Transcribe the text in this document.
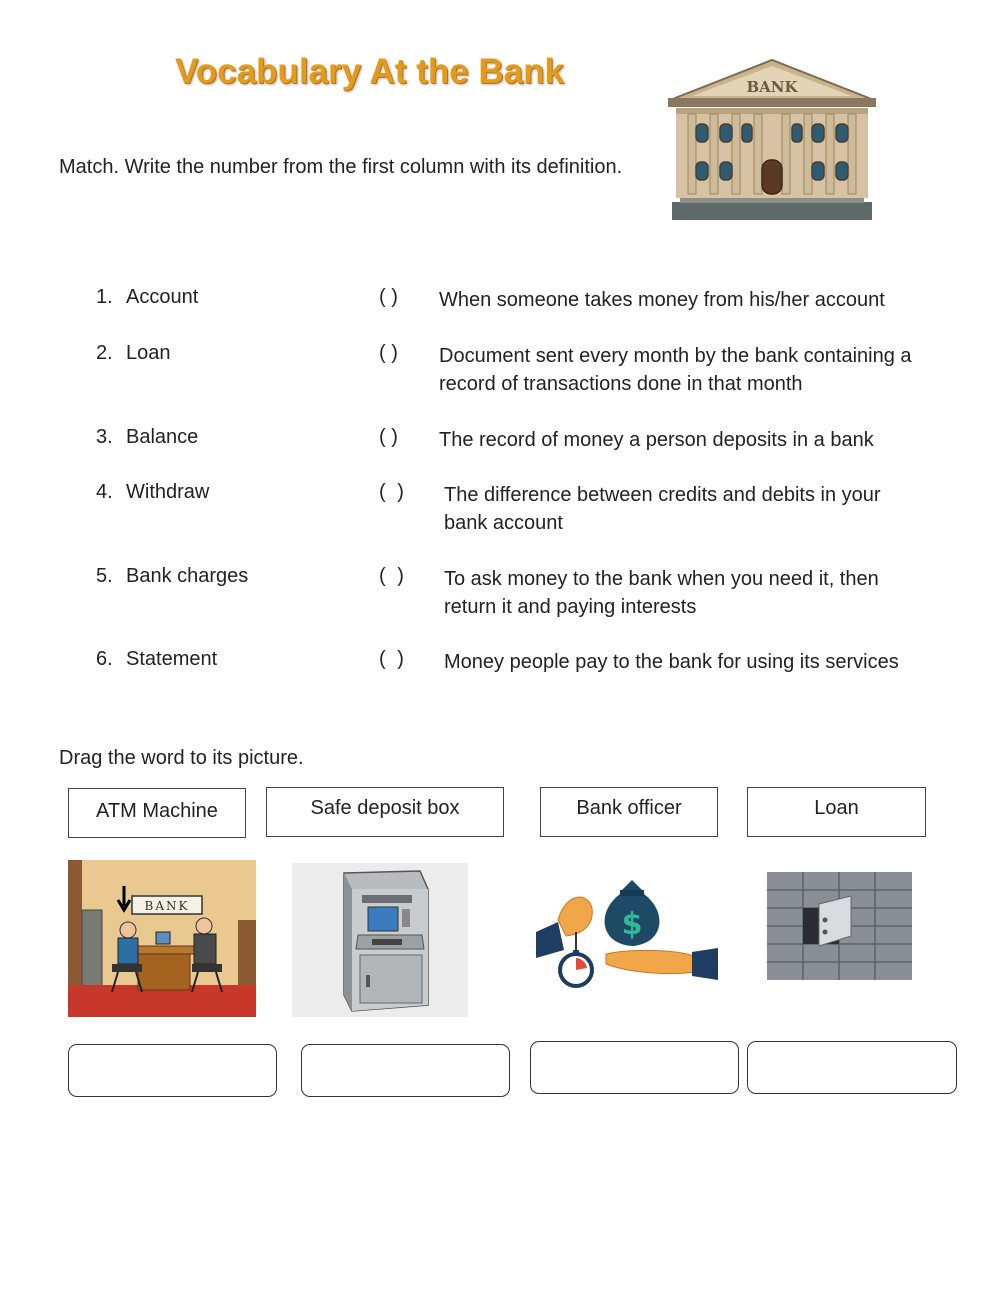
Vocabulary At the Bank	BANK
Match. Write the number from the first column with its definition.
1. Account	( ) When someone takes money from his/her account
2. Loan	( ) Document sent every month by the bank containing a record of transactions done in that month
3. Balance	( ) The record of money a person deposits in a bank
4. Withdraw	( ) The difference between credits and debits in your bank account
5. Bank charges	( ) To ask money to the bank when you need it, then return it and paying interests
6. Statement	( ) Money people pay to the bank for using its services
Drag the word to its picture.
ATM Machine	Safe deposit box	Bank officer	Loan
BANK
$
